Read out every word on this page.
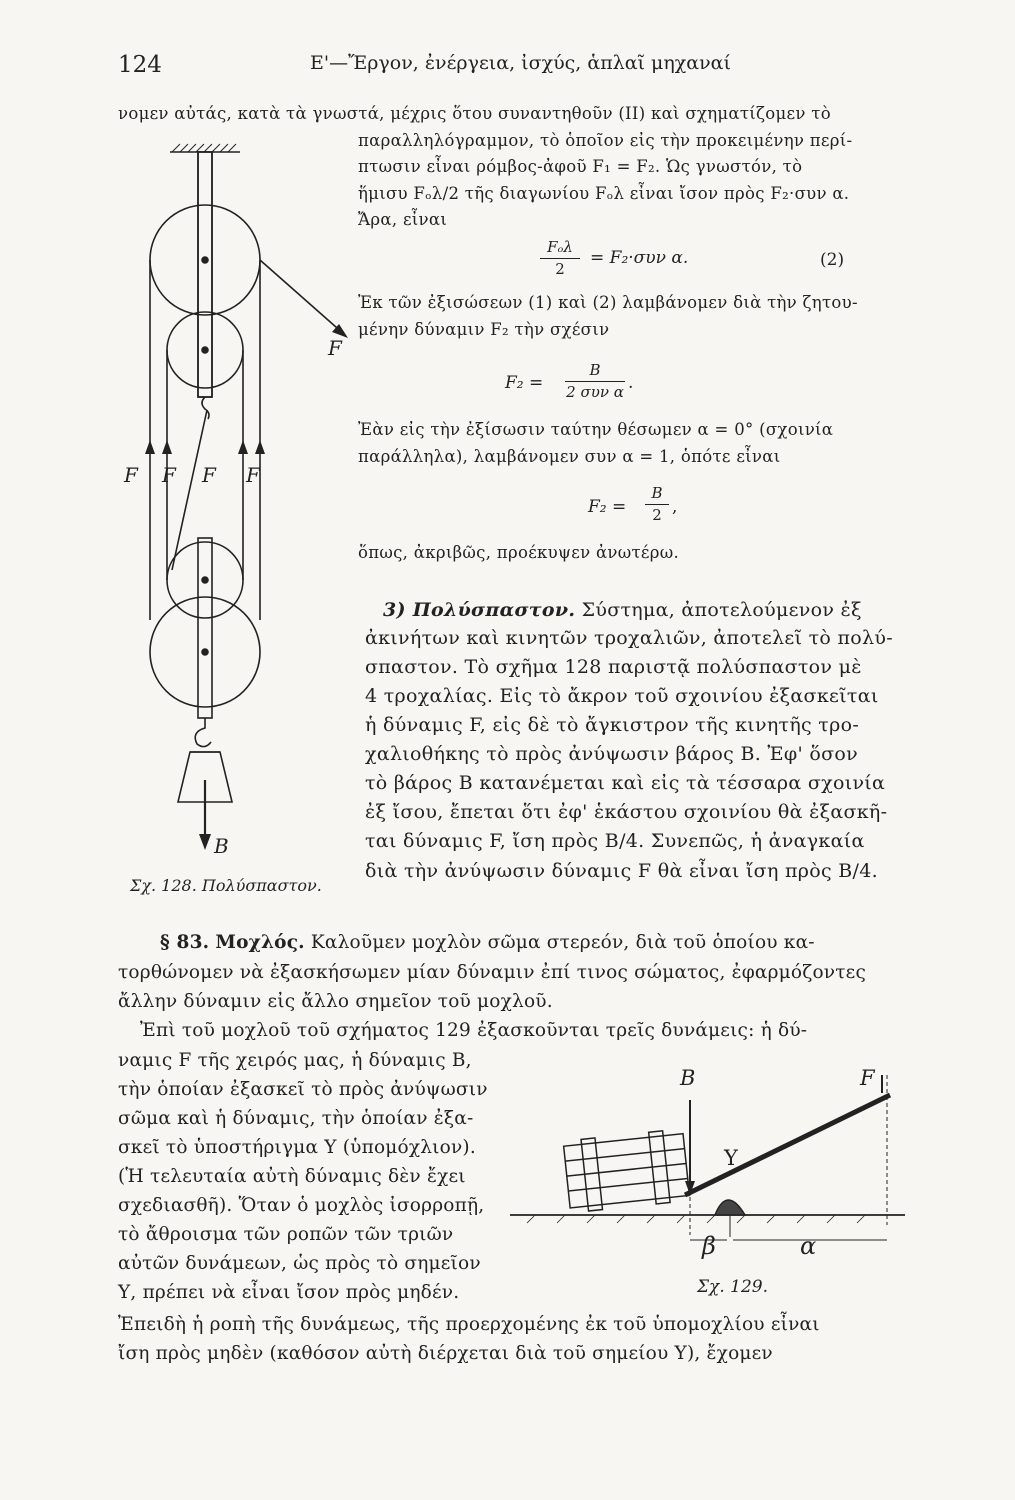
124	Ε'—Ἔργον, ἐνέργεια, ἰσχύς, ἁπλαῖ μηχαναί
νομεν αὐτάς, κατὰ τὰ γνωστά, μέχρις ὅτου συναντηθοῦν (II) καὶ σχηματίζομεν τὸ
παραλληλόγραμμον, τὸ ὁποῖον εἰς τὴν προκειμένην περί-
πτωσιν εἶναι ρόμβος-ἀφοῦ F₁ = F₂. Ὡς γνωστόν, τὸ
ἥμισυ Fₒλ/2 τῆς διαγωνίου Fₒλ εἶναι ἴσον πρὸς F₂·συν α.
Ἄρα, εἶναι
Fₒλ
2
= F₂·συν α.	(2)
Ἐκ τῶν ἐξισώσεων (1) καὶ (2) λαμβάνομεν διὰ τὴν ζητου-
μένην δύναμιν F₂ τὴν σχέσιν
F₂ =
B
2 συν α .
Ἐὰν εἰς τὴν ἐξίσωσιν ταύτην θέσωμεν α = 0° (σχοινία
παράλληλα), λαμβάνομεν συν α = 1, ὁπότε εἶναι
F₂ =
B
2 ,
ὅπως, ἀκριβῶς, προέκυψεν ἀνωτέρω.
3) Πολύσπαστον. Σύστημα, ἀποτελούμενον ἐξ
ἀκινήτων καὶ κινητῶν τροχαλιῶν, ἀποτελεῖ τὸ πολύ-
σπαστον. Τὸ σχῆμα 128 παριστᾷ πολύσπαστον μὲ
4 τροχαλίας. Εἰς τὸ ἄκρον τοῦ σχοινίου ἐξασκεῖται
ἡ δύναμις F, εἰς δὲ τὸ ἄγκιστρον τῆς κινητῆς τρο-
χαλιοθήκης τὸ πρὸς ἀνύψωσιν βάρος B. Ἐφ' ὅσον
τὸ βάρος B κατανέμεται καὶ εἰς τὰ τέσσαρα σχοινία
ἐξ ἴσου, ἔπεται ὅτι ἐφ' ἑκάστου σχοινίου θὰ ἐξασκῆ-
ται δύναμις F, ἴση πρὸς B/4. Συνεπῶς, ἡ ἀναγκαία
διὰ τὴν ἀνύψωσιν δύναμις F θὰ εἶναι ἴση πρὸς B/4.
F
F F F F
B
Σχ. 128. Πολύσπαστον.
§ 83. Μοχλός. Καλοῦμεν μοχλὸν σῶμα στερεόν, διὰ τοῦ ὁποίου κα-
τορθώνομεν νὰ ἐξασκήσωμεν μίαν δύναμιν ἐπί τινος σώματος, ἐφαρμόζοντες
ἄλλην δύναμιν εἰς ἄλλο σημεῖον τοῦ μοχλοῦ.
Ἐπὶ τοῦ μοχλοῦ τοῦ σχήματος 129 ἐξασκοῦνται τρεῖς δυνάμεις: ἡ δύ-
ναμις F τῆς χειρός μας, ἡ δύναμις B,
τὴν ὁποίαν ἐξασκεῖ τὸ πρὸς ἀνύψωσιν
σῶμα καὶ ἡ δύναμις, τὴν ὁποίαν ἐξα-
σκεῖ τὸ ὑποστήριγμα Υ (ὑπομόχλιον).
(Ἡ τελευταία αὐτὴ δύναμις δὲν ἔχει
σχεδιασθῆ). Ὅταν ὁ μοχλὸς ἰσορροπῇ,
τὸ ἄθροισμα τῶν ροπῶν τῶν τριῶν
αὐτῶν δυνάμεων, ὡς πρὸς τὸ σημεῖον
Υ, πρέπει νὰ εἶναι ἴσον πρὸς μηδέν.
Ἐπειδὴ ἡ ροπὴ τῆς δυνάμεως, τῆς προερχομένης ἐκ τοῦ ὑπομοχλίου εἶναι
ἴση πρὸς μηδὲν (καθόσον αὐτὴ διέρχεται διὰ τοῦ σημείου Υ), ἔχομεν
B	F
Y
β	α
Σχ. 129.
